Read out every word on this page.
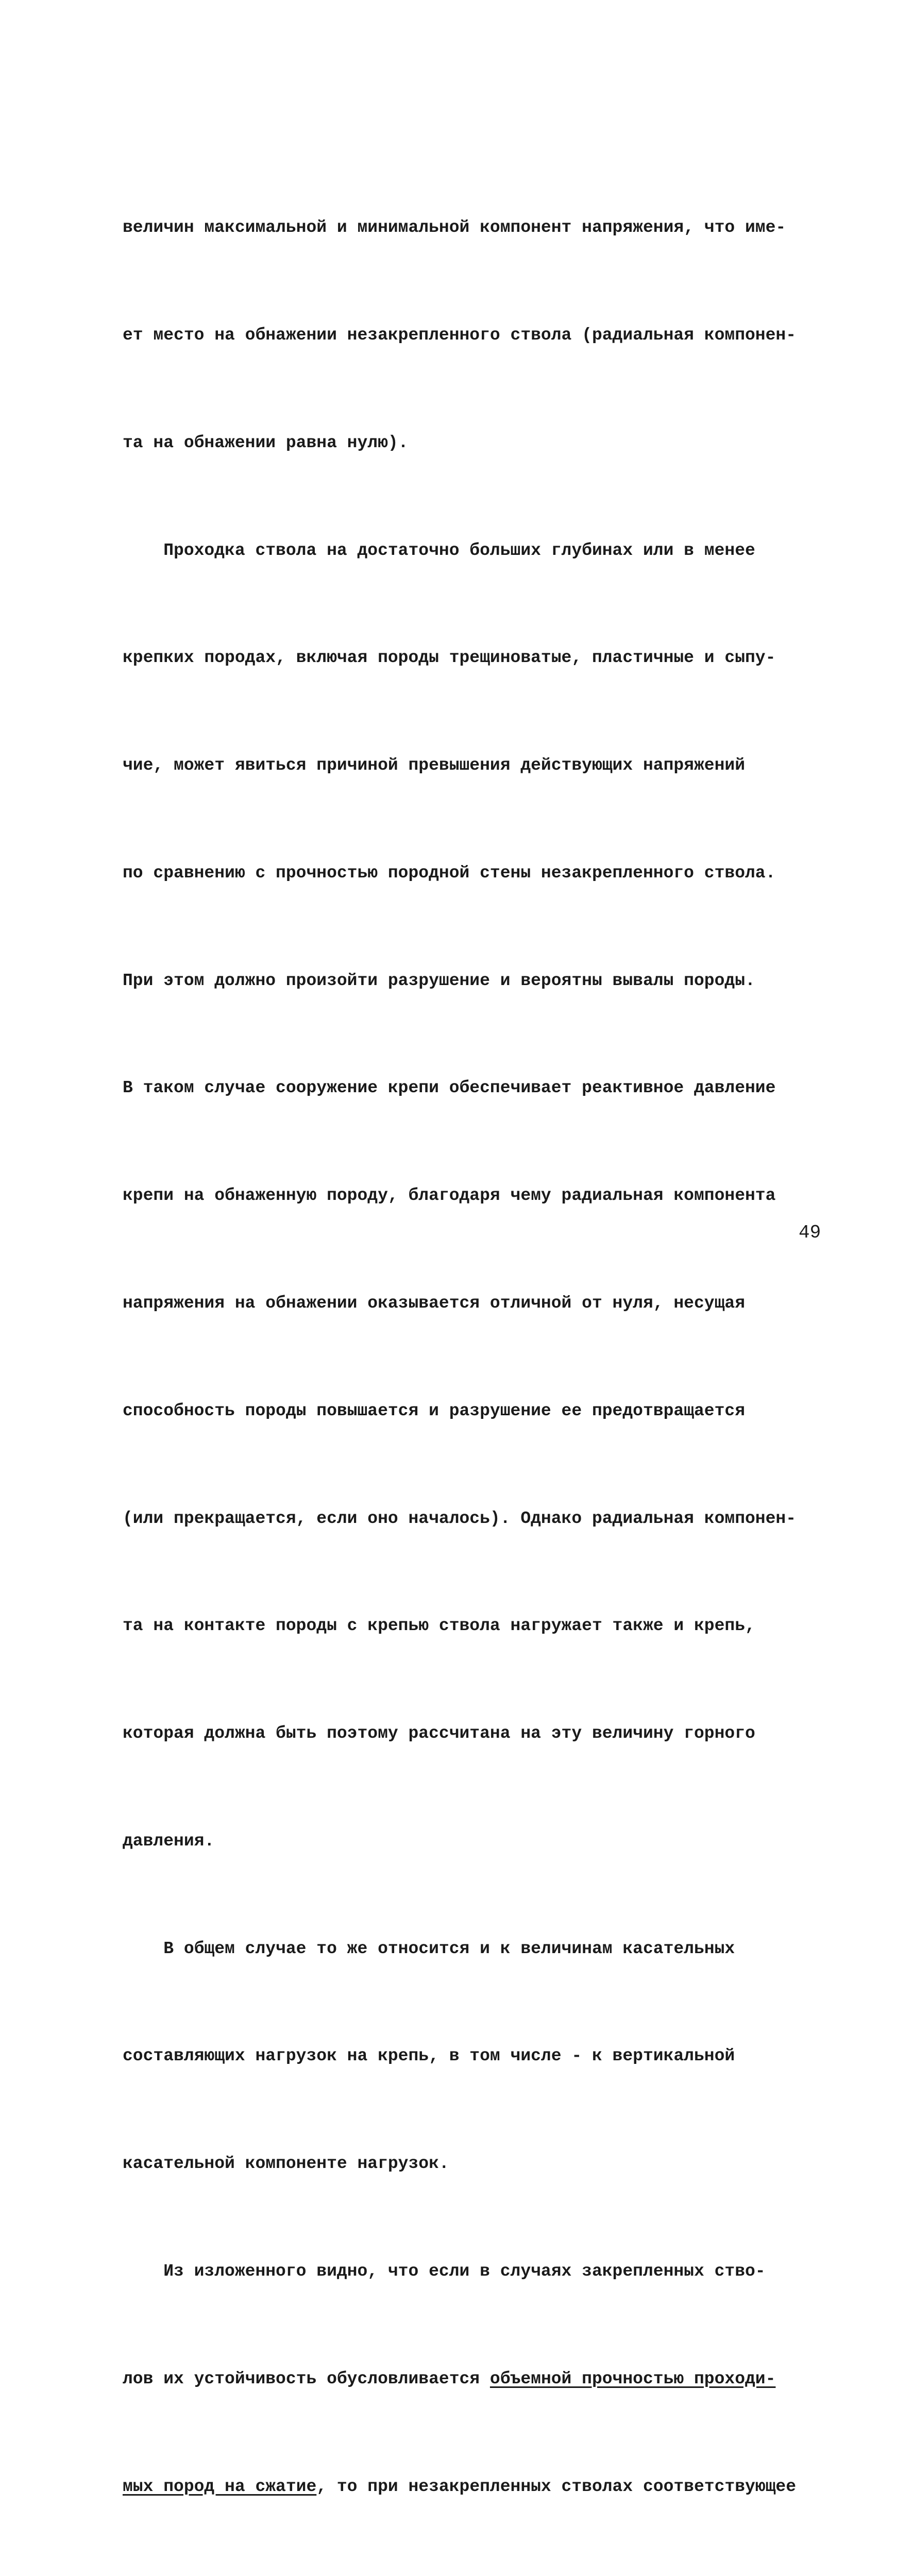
величин максимальной и минимальной компонент напряжения, что име-

ет место на обнажении незакрепленного ствола (радиальная компонен-

та на обнажении равна нулю).

Проходка ствола на достаточно больших глубинах или в менее

крепких породах, включая породы трещиноватые, пластичные и сыпу-

чие, может явиться причиной превышения действующих напряжений

по сравнению с прочностью породной стены незакрепленного ствола.

При этом должно произойти разрушение и вероятны вывалы породы.

В таком случае сооружение крепи обеспечивает реактивное давление

крепи на обнаженную породу, благодаря чему радиальная компонента

напряжения на обнажении оказывается отличной от нуля, несущая

способность породы повышается и разрушение ее предотвращается

(или прекращается, если оно началось). Однако радиальная компонен-

та на контакте породы с крепью ствола нагружает также и крепь,

которая должна быть поэтому рассчитана на эту величину горного

давления.

В общем случае то же относится и к величинам касательных

составляющих нагрузок на крепь, в том числе - к вертикальной

касательной компоненте нагрузок.

Из изложенного видно, что если в случаях закрепленных ство-

лов их устойчивость обусловливается объемной прочностью проходи-

мых пород на сжатие, то при незакрепленных стволах соответствующее

49
